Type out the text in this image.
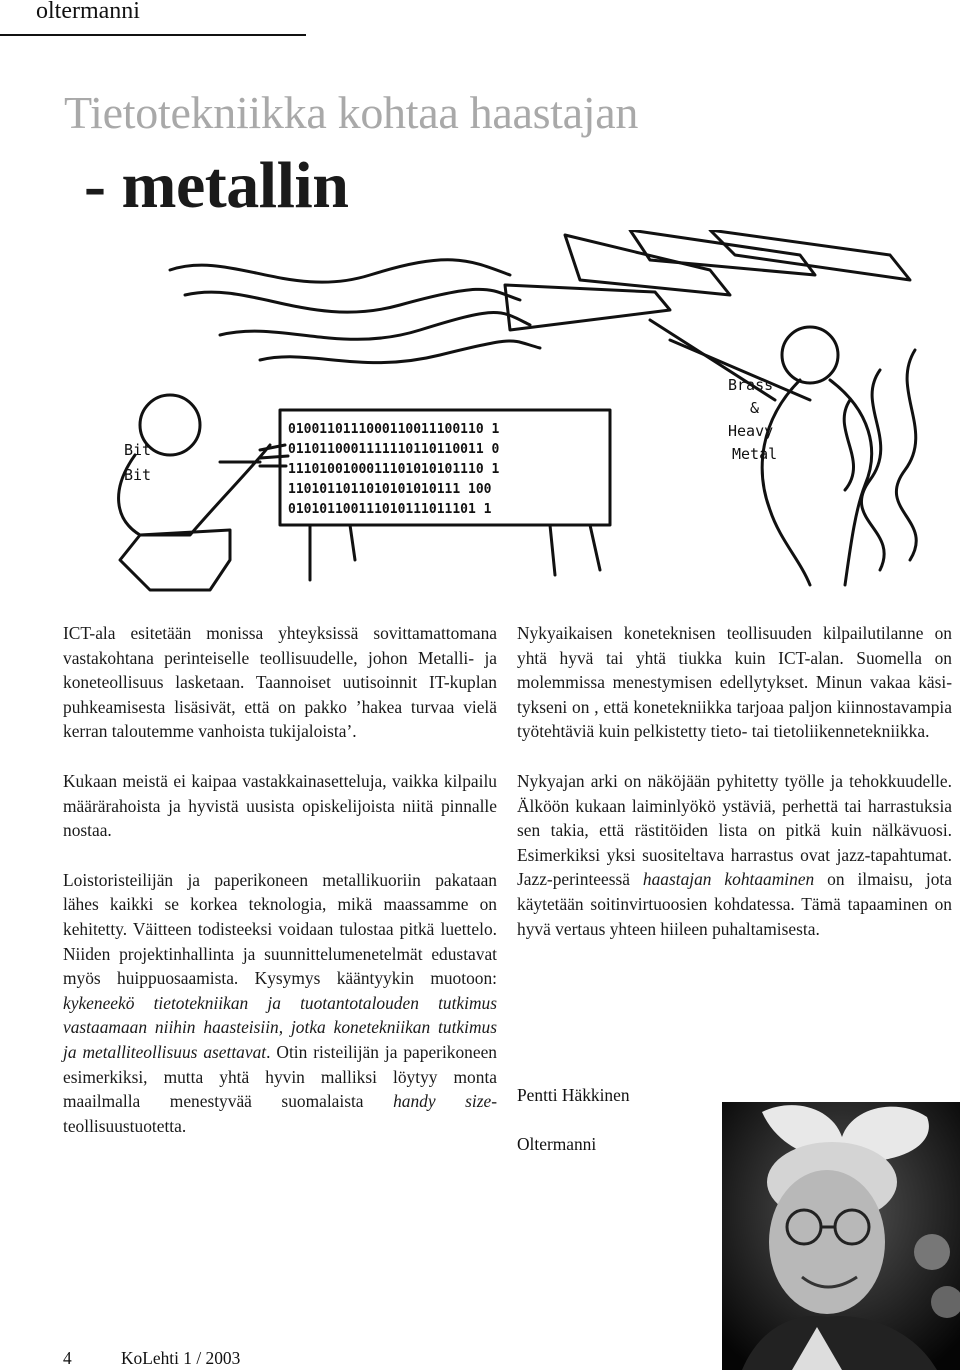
oltermanni
Tietotekniikka kohtaa haastajan
- metallin
0100110111000110011100110 1
0110110001111110110110011 0
1110100100011101010101110 1
1101011011010101010111 100
010101100111010111011101 1
Bit
Bit
Brass
&
Heavy
Metal

ICT-ala esitetään monissa yhteyksissä sovittamattomana vastakohtana perinteiselle teollisuudelle, johon Metalli- ja koneteollisuus lasketaan. Taannoiset uutisoinnit IT-kuplan puhkeamisesta lisäsivät, että on pakko ’hakea turvaa vielä kerran taloutemme vanhoista tukijaloista’.

Kukaan meistä ei kaipaa vastakkainasetteluja, vaikka kilpailu määrärahoista ja hyvistä uusista opiskelijoista niitä pinnalle nostaa.

Loistoristeilijän ja paperikoneen metallikuoriin pakataan lähes kaikki se korkea teknologia, mikä maassamme on kehitetty. Väitteen todisteeksi voidaan tulostaa pitkä luettelo. Niiden projektinhallinta ja suunnittelumenetelmät edustavat myös huippuosaamista. Kysymys kääntyykin muotoon: kykeneekö tietotekniikan ja tuotantotalouden tutkimus vastaamaan niihin haasteisiin, jotka konetekniikan tutkimus ja metalliteollisuus asettavat. Otin risteilijän ja paperikoneen esimerkiksi, mutta yhtä hyvin malliksi löytyy monta maailmalla menestyvää suomalaista handy size- teollisuustuotetta.

Nykyaikaisen koneteknisen teollisuuden kilpailutilanne on yhtä hyvä tai yhtä tiukka kuin ICT-alan. Suomella on molemmissa menestymisen edellytykset. Minun vakaa käsi-tykseni on , että konetekniikka tarjoaa paljon kiinnostavampia työtehtäviä kuin pelkistetty tieto- tai tietoliikennetekniikka.

Nykyajan arki on näköjään pyhitetty työlle ja tehokkuudelle. Älköön kukaan laiminlyökö ystäviä, perhettä tai harrastuksia sen takia, että rästitöiden lista on pitkä kuin nälkävuosi. Esimerkiksi yksi suositeltava harrastus ovat jazz-tapahtumat. Jazz-perinteessä haastajan kohtaaminen on ilmaisu, jota käytetään soitinvirtuoosien kohdatessa. Tämä tapaaminen on hyvä vertaus yhteen hiileen puhaltamisesta.

Pentti Häkkinen
Oltermanni
4	KoLehti 1 / 2003
